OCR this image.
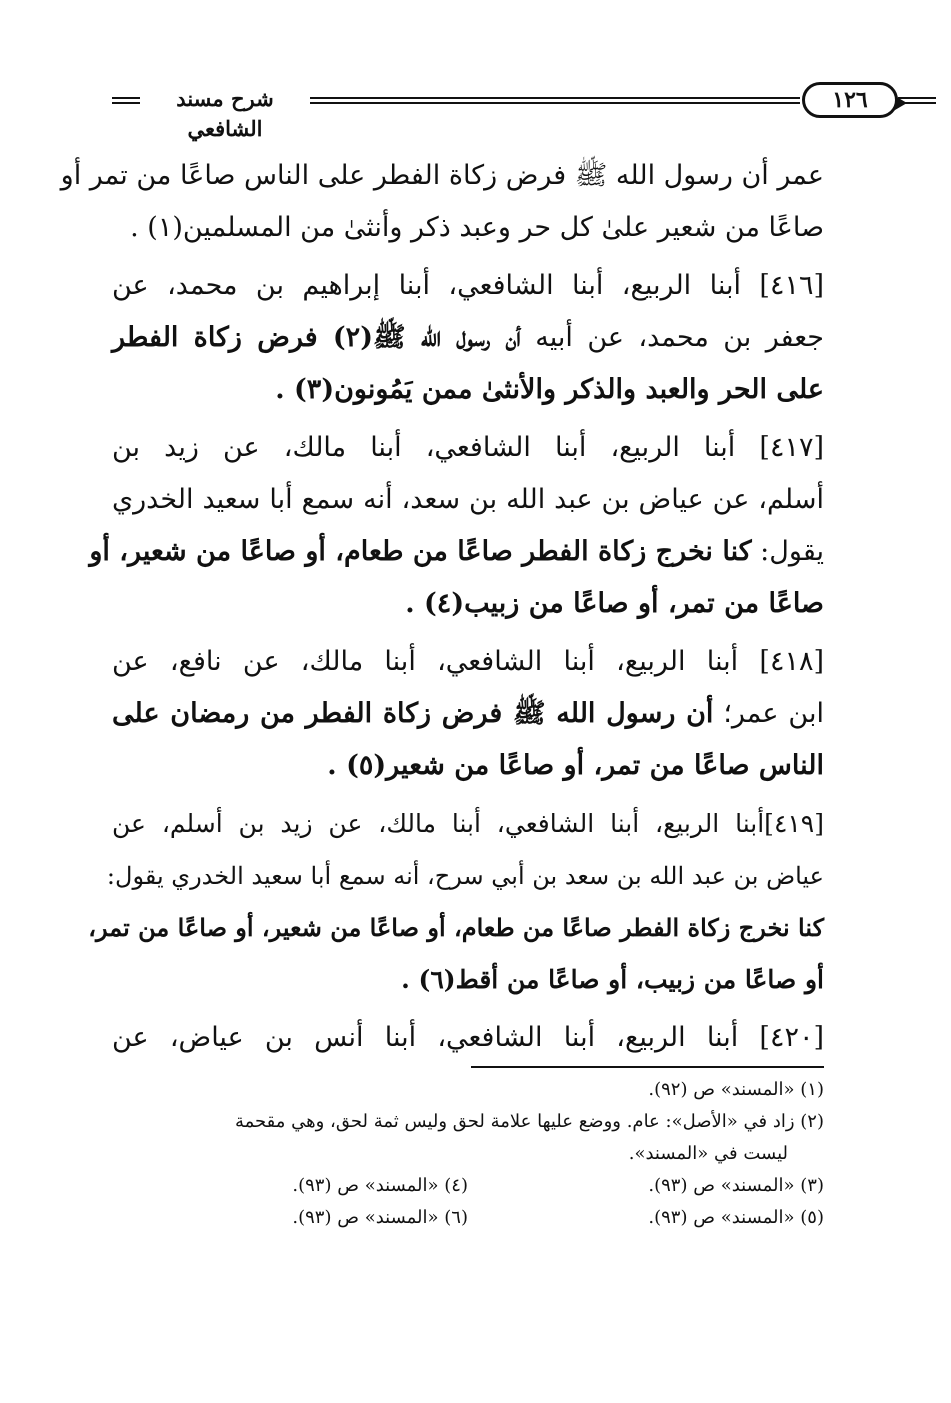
شرح مسند الشافعي
١٢٦
عمر أن رسول الله ﷺ فرض زكاة الفطر على الناس صاعًا من تمر أو
صاعًا من شعير علىٰ كل حر وعبد ذكر وأنثىٰ من المسلمين(١) .
[٤١٦] أبنا الربيع، أبنا الشافعي، أبنا إبراهيم بن محمد، عن
جعفر بن محمد، عن أبيه أن رسول الله ﷺ(٢) فرض زكاة الفطر
على الحر والعبد والذكر والأنثىٰ ممن يَمُونون(٣) .
[٤١٧] أبنا الربيع، أبنا الشافعي، أبنا مالك، عن زيد بن
أسلم، عن عياض بن عبد الله بن سعد، أنه سمع أبا سعيد الخدري
يقول: كنا نخرج زكاة الفطر صاعًا من طعام، أو صاعًا من شعير، أو
صاعًا من تمر، أو صاعًا من زبيب(٤) .
[٤١٨] أبنا الربيع، أبنا الشافعي، أبنا مالك، عن نافع، عن
ابن عمر؛ أن رسول الله ﷺ فرض زكاة الفطر من رمضان على
الناس صاعًا من تمر، أو صاعًا من شعير(٥) .
[٤١٩]أبنا الربيع، أبنا الشافعي، أبنا مالك، عن زيد بن أسلم، عن
عياض بن عبد الله بن سعد بن أبي سرح، أنه سمع أبا سعيد الخدري يقول:
كنا نخرج زكاة الفطر صاعًا من طعام، أو صاعًا من شعير، أو صاعًا من تمر،
أو صاعًا من زبيب، أو صاعًا من أقط(٦) .
[٤٢٠] أبنا الربيع، أبنا الشافعي، أبنا أنس بن عياض، عن
(١) «المسند» ص (٩٢).
(٢) زاد في «الأصل»: عام. ووضع عليها علامة لحق وليس ثمة لحق، وهي مقحمة
ليست في «المسند».
(٣) «المسند» ص (٩٣).
(٤) «المسند» ص (٩٣).
(٥) «المسند» ص (٩٣).
(٦) «المسند» ص (٩٣).
